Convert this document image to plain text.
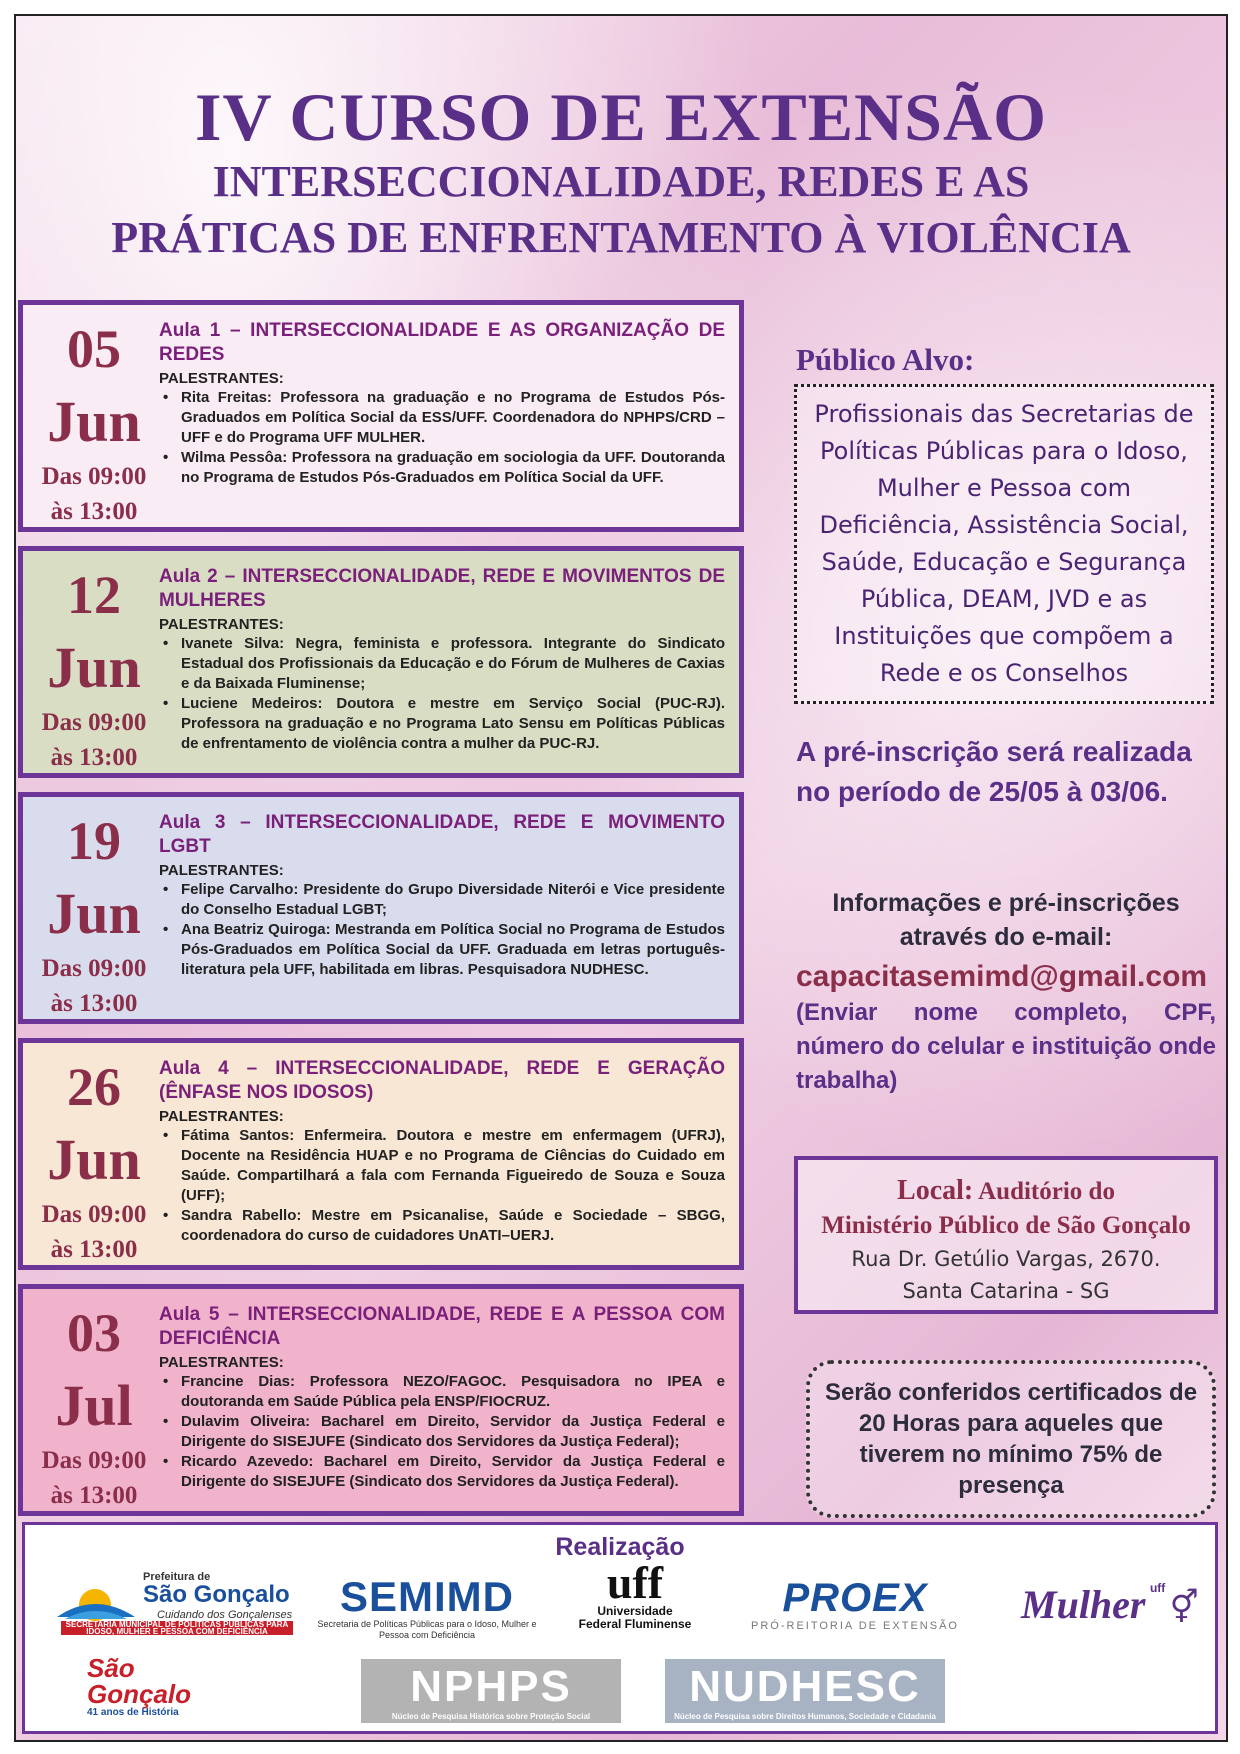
IV CURSO DE EXTENSÃO
INTERSECCIONALIDADE, REDES E AS
PRÁTICAS DE ENFRENTAMENTO À VIOLÊNCIA
05
Jun
Das 09:00
às 13:00

Aula 1 – INTERSECCIONALIDADE E AS ORGANIZAÇÃO DE REDES

PALESTRANTES:

• Rita Freitas: Professora na graduação e no Programa de Estudos Pós-Graduados em Política Social da ESS/UFF. Coordenadora do NPHPS/CRD – UFF e do Programa UFF MULHER.
• Wilma Pessôa: Professora na graduação em sociologia da UFF. Doutoranda no Programa de Estudos Pós-Graduados em Política Social da UFF.
12
Jun
Das 09:00
às 13:00

Aula 2 – INTERSECCIONALIDADE, REDE E MOVIMENTOS DE MULHERES

PALESTRANTES:

• Ivanete Silva: Negra, feminista e professora. Integrante do Sindicato Estadual dos Profissionais da Educação e do Fórum de Mulheres de Caxias e da Baixada Fluminense;
• Luciene Medeiros: Doutora e mestre em Serviço Social (PUC-RJ). Professora na graduação e no Programa Lato Sensu em Políticas Públicas de enfrentamento de violência contra a mulher da PUC-RJ.
19
Jun
Das 09:00
às 13:00

Aula 3 – INTERSECCIONALIDADE, REDE E MOVIMENTO LGBT

PALESTRANTES:

• Felipe Carvalho: Presidente do Grupo Diversidade Niterói e Vice presidente do Conselho Estadual LGBT;
• Ana Beatriz Quiroga: Mestranda em Política Social no Programa de Estudos Pós-Graduados em Política Social da UFF. Graduada em letras português-literatura pela UFF, habilitada em libras. Pesquisadora NUDHESC.
26
Jun
Das 09:00
às 13:00

Aula 4 – INTERSECCIONALIDADE, REDE E GERAÇÃO (ÊNFASE NOS IDOSOS)

PALESTRANTES:

• Fátima Santos: Enfermeira. Doutora e mestre em enfermagem (UFRJ), Docente na Residência HUAP e no Programa de Ciências do Cuidado em Saúde. Compartilhará a fala com Fernanda Figueiredo de Souza e Souza (UFF);
• Sandra Rabello: Mestre em Psicanalise, Saúde e Sociedade – SBGG, coordenadora do curso de cuidadores UnATI–UERJ.
03
Jul
Das 09:00
às 13:00

Aula 5 – INTERSECCIONALIDADE, REDE E A PESSOA COM DEFICIÊNCIA

PALESTRANTES:

• Francine Dias: Professora NEZO/FAGOC. Pesquisadora no IPEA e doutoranda em Saúde Pública pela ENSP/FIOCRUZ.
• Dulavim Oliveira: Bacharel em Direito, Servidor da Justiça Federal e Dirigente do SISEJUFE (Sindicato dos Servidores da Justiça Federal);
• Ricardo Azevedo: Bacharel em Direito, Servidor da Justiça Federal e Dirigente do SISEJUFE (Sindicato dos Servidores da Justiça Federal).
Público Alvo:
Profissionais das Secretarias de Políticas Públicas para o Idoso, Mulher e Pessoa com Deficiência, Assistência Social, Saúde, Educação e Segurança Pública, DEAM, JVD e as Instituições que compõem a Rede e os Conselhos

A pré-inscrição será realizada no período de 25/05 à 03/06.

Informações e pré-inscrições através do e-mail:

capacitasemimd@gmail.com

(Enviar nome completo, CPF, número do celular e instituição onde trabalha)

Local: Auditório do
Ministério Público de São Gonçalo
Rua Dr. Getúlio Vargas, 2670.
Santa Catarina - SG
Serão conferidos certificados de 20 Horas para aqueles que tiverem no mínimo 75% de presença
Realização
Prefeitura de
São Gonçalo
Cuidando dos Gonçalenses
SECRETARIA MUNICIPAL DE POLÍTICAS PÚBLICAS PARA IDOSO, MULHER E PESSOA COM DEFICIÊNCIA
SEMIMD
Secretaria de Políticas Públicas para o Idoso, Mulher e Pessoa com Deficiência
uff
Universidade Federal Fluminense
PROEX
PRÓ-REITORIA DE EXTENSÃO Mulher $^{uff}$ ⚥
São
Gonçalo
41 anos de História
NPHPS
Núcleo de Pesquisa Histórica sobre Proteção Social
NUDHESC
Núcleo de Pesquisa sobre Direitos Humanos, Sociedade e Cidadania
